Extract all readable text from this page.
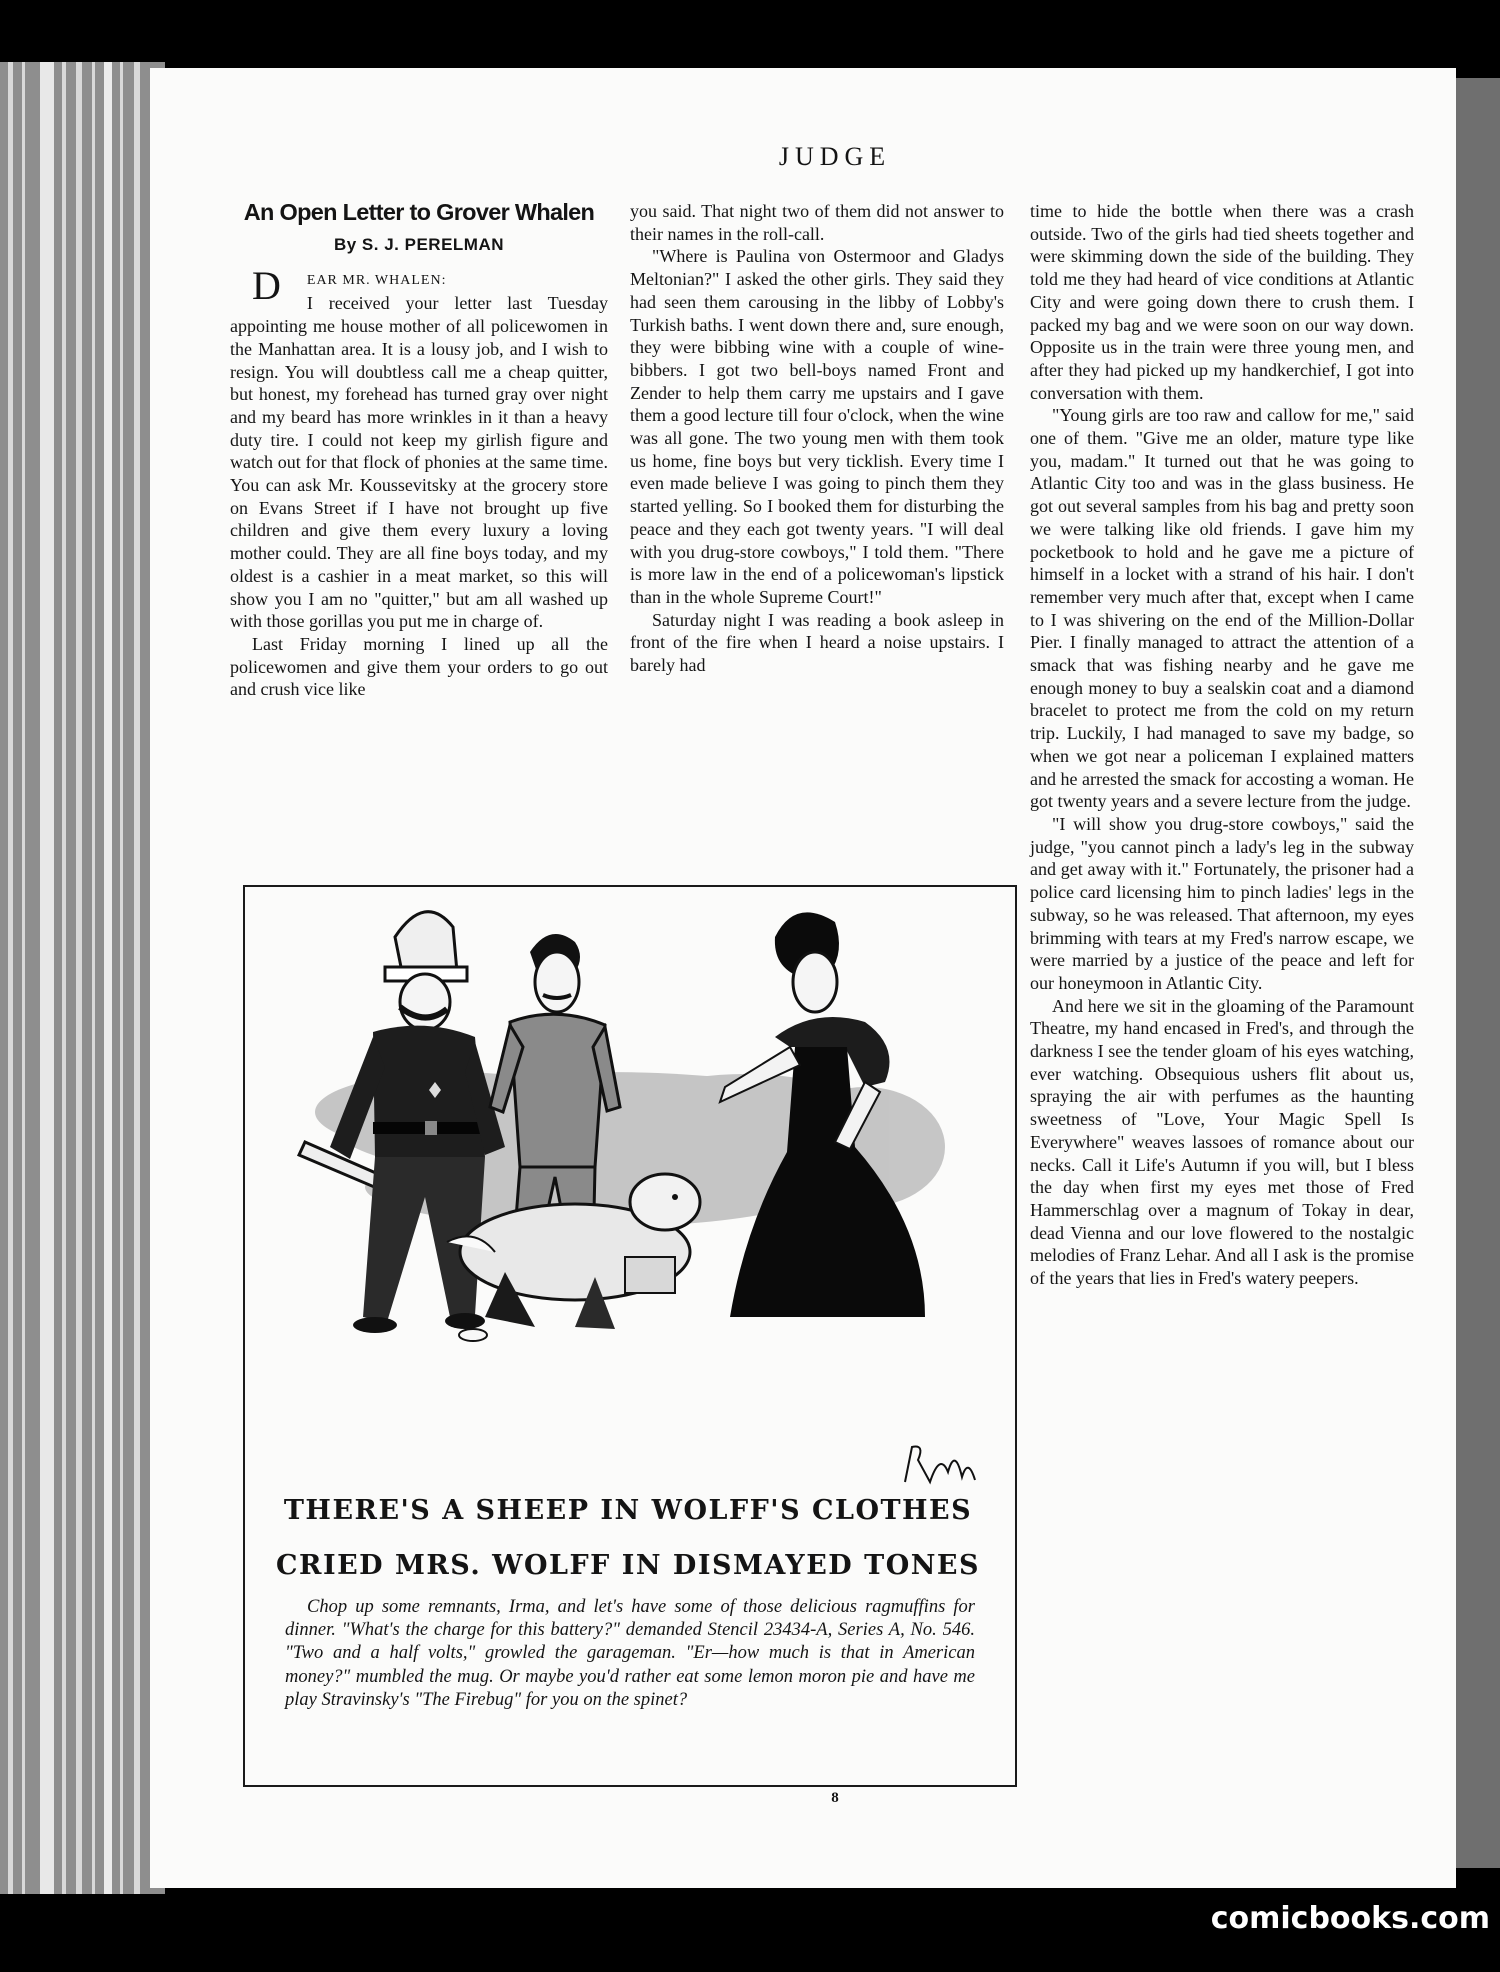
JUDGE
An Open Letter to Grover Whalen
By S. J. PERELMAN

D EAR MR. WHALEN:

I received your letter last Tuesday appointing me house mother of all policewomen in the Manhattan area. It is a lousy job, and I wish to resign. You will doubtless call me a cheap quitter, but honest, my forehead has turned gray over night and my beard has more wrinkles in it than a heavy duty tire. I could not keep my girlish figure and watch out for that flock of phonies at the same time. You can ask Mr. Koussevitsky at the grocery store on Evans Street if I have not brought up five children and give them every luxury a loving mother could. They are all fine boys today, and my oldest is a cashier in a meat market, so this will show you I am no "quitter," but am all washed up with those gorillas you put me in charge of.

Last Friday morning I lined up all the policewomen and give them your orders to go out and crush vice like

you said. That night two of them did not answer to their names in the roll-call.

"Where is Paulina von Ostermoor and Gladys Meltonian?" I asked the other girls. They said they had seen them carousing in the libby of Lobby's Turkish baths. I went down there and, sure enough, they were bibbing wine with a couple of wine-bibbers. I got two bell-boys named Front and Zender to help them carry me upstairs and I gave them a good lecture till four o'clock, when the wine was all gone. The two young men with them took us home, fine boys but very ticklish. Every time I even made believe I was going to pinch them they started yelling. So I booked them for disturbing the peace and they each got twenty years. "I will deal with you drug-store cowboys," I told them. "There is more law in the end of a policewoman's lipstick than in the whole Supreme Court!"

Saturday night I was reading a book asleep in front of the fire when I heard a noise upstairs. I barely had

time to hide the bottle when there was a crash outside. Two of the girls had tied sheets together and were skimming down the side of the building. They told me they had heard of vice conditions at Atlantic City and were going down there to crush them. I packed my bag and we were soon on our way down. Opposite us in the train were three young men, and after they had picked up my handkerchief, I got into conversation with them.

"Young girls are too raw and callow for me," said one of them. "Give me an older, mature type like you, madam." It turned out that he was going to Atlantic City too and was in the glass business. He got out several samples from his bag and pretty soon we were talking like old friends. I gave him my pocketbook to hold and he gave me a picture of himself in a locket with a strand of his hair. I don't remember very much after that, except when I came to I was shivering on the end of the Million-Dollar Pier. I finally managed to attract the attention of a smack that was fishing nearby and he gave me enough money to buy a sealskin coat and a diamond bracelet to protect me from the cold on my return trip. Luckily, I had managed to save my badge, so when we got near a policeman I explained matters and he arrested the smack for accosting a woman. He got twenty years and a severe lecture from the judge.

"I will show you drug-store cowboys," said the judge, "you cannot pinch a lady's leg in the subway and get away with it." Fortunately, the prisoner had a police card licensing him to pinch ladies' legs in the subway, so he was released. That afternoon, my eyes brimming with tears at my Fred's narrow escape, we were married by a justice of the peace and left for our honeymoon in Atlantic City.

And here we sit in the gloaming of the Paramount Theatre, my hand encased in Fred's, and through the darkness I see the tender gloam of his eyes watching, ever watching. Obsequious ushers flit about us, spraying the air with perfumes as the haunting sweetness of "Love, Your Magic Spell Is Everywhere" weaves lassoes of romance about our necks. Call it Life's Autumn if you will, but I bless the day when first my eyes met those of Fred Hammerschlag over a magnum of Tokay in dear, dead Vienna and our love flowered to the nostalgic melodies of Franz Lehar. And all I ask is the promise of the years that lies in Fred's watery peepers.

THERE'S A SHEEP IN WOLFF'S CLOTHES
CRIED MRS. WOLFF IN DISMAYED TONES
Chop up some remnants, Irma, and let's have some of those delicious ragmuffins for dinner. "What's the charge for this battery?" demanded Stencil 23434-A, Series A, No. 546. "Two and a half volts," growled the garageman. "Er—how much is that in American money?" mumbled the mug. Or maybe you'd rather eat some lemon moron pie and have me play Stravinsky's "The Firebug" for you on the spinet?
8
comicbooks.com
